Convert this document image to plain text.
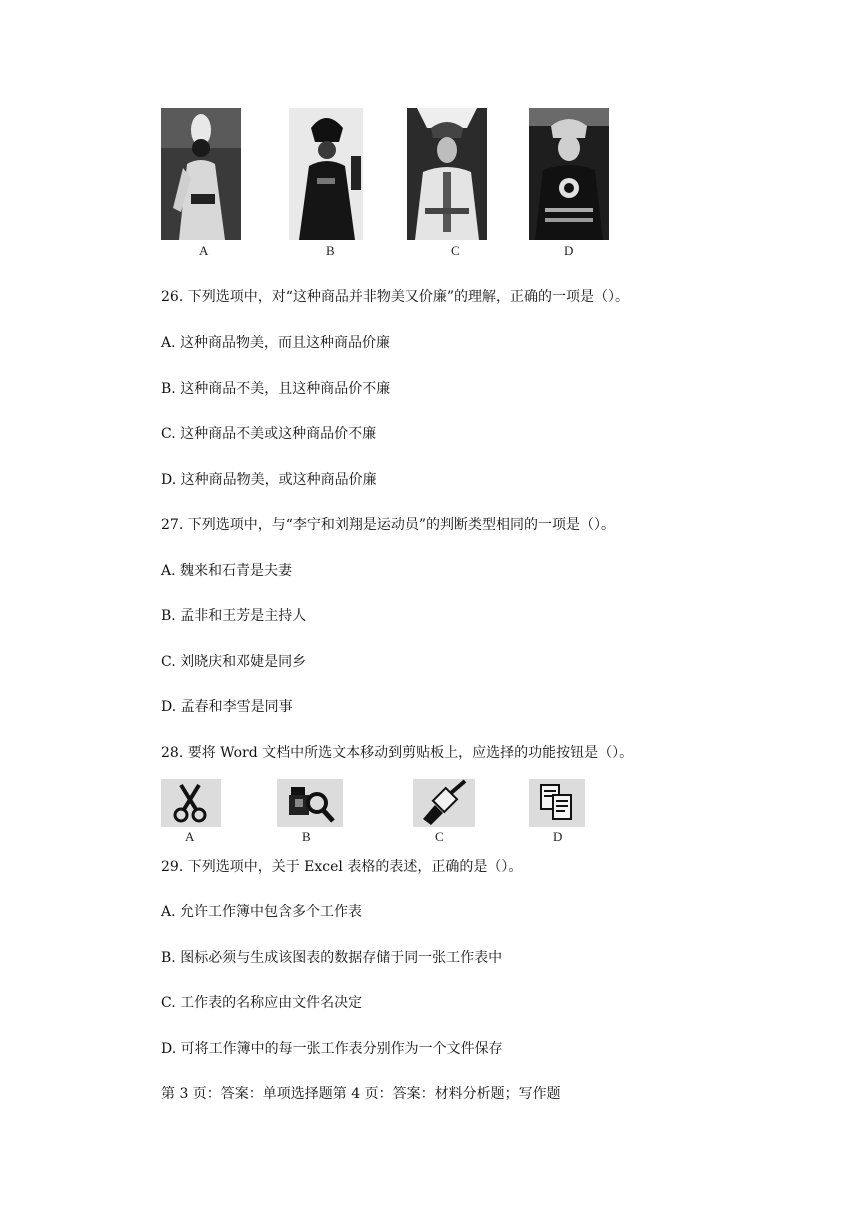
A	B	C	D
26. 下列选项中，对“这种商品并非物美又价廉”的理解，正确的一项是（）。
A. 这种商品物美，而且这种商品价廉
B. 这种商品不美，且这种商品价不廉
C. 这种商品不美或这种商品价不廉
D. 这种商品物美，或这种商品价廉
27. 下列选项中，与“李宁和刘翔是运动员”的判断类型相同的一项是（）。
A. 魏来和石青是夫妻
B. 孟非和王芳是主持人
C. 刘晓庆和邓婕是同乡
D. 孟春和李雪是同事
28. 要将 Word 文档中所选文本移动到剪贴板上，应选择的功能按钮是（）。
A	B	C	D
29. 下列选项中，关于 Excel 表格的表述，正确的是（）。
A. 允许工作簿中包含多个工作表
B. 图标必须与生成该图表的数据存储于同一张工作表中
C. 工作表的名称应由文件名决定
D. 可将工作簿中的每一张工作表分别作为一个文件保存
第 3 页：答案：单项选择题第 4 页：答案：材料分析题；写作题
